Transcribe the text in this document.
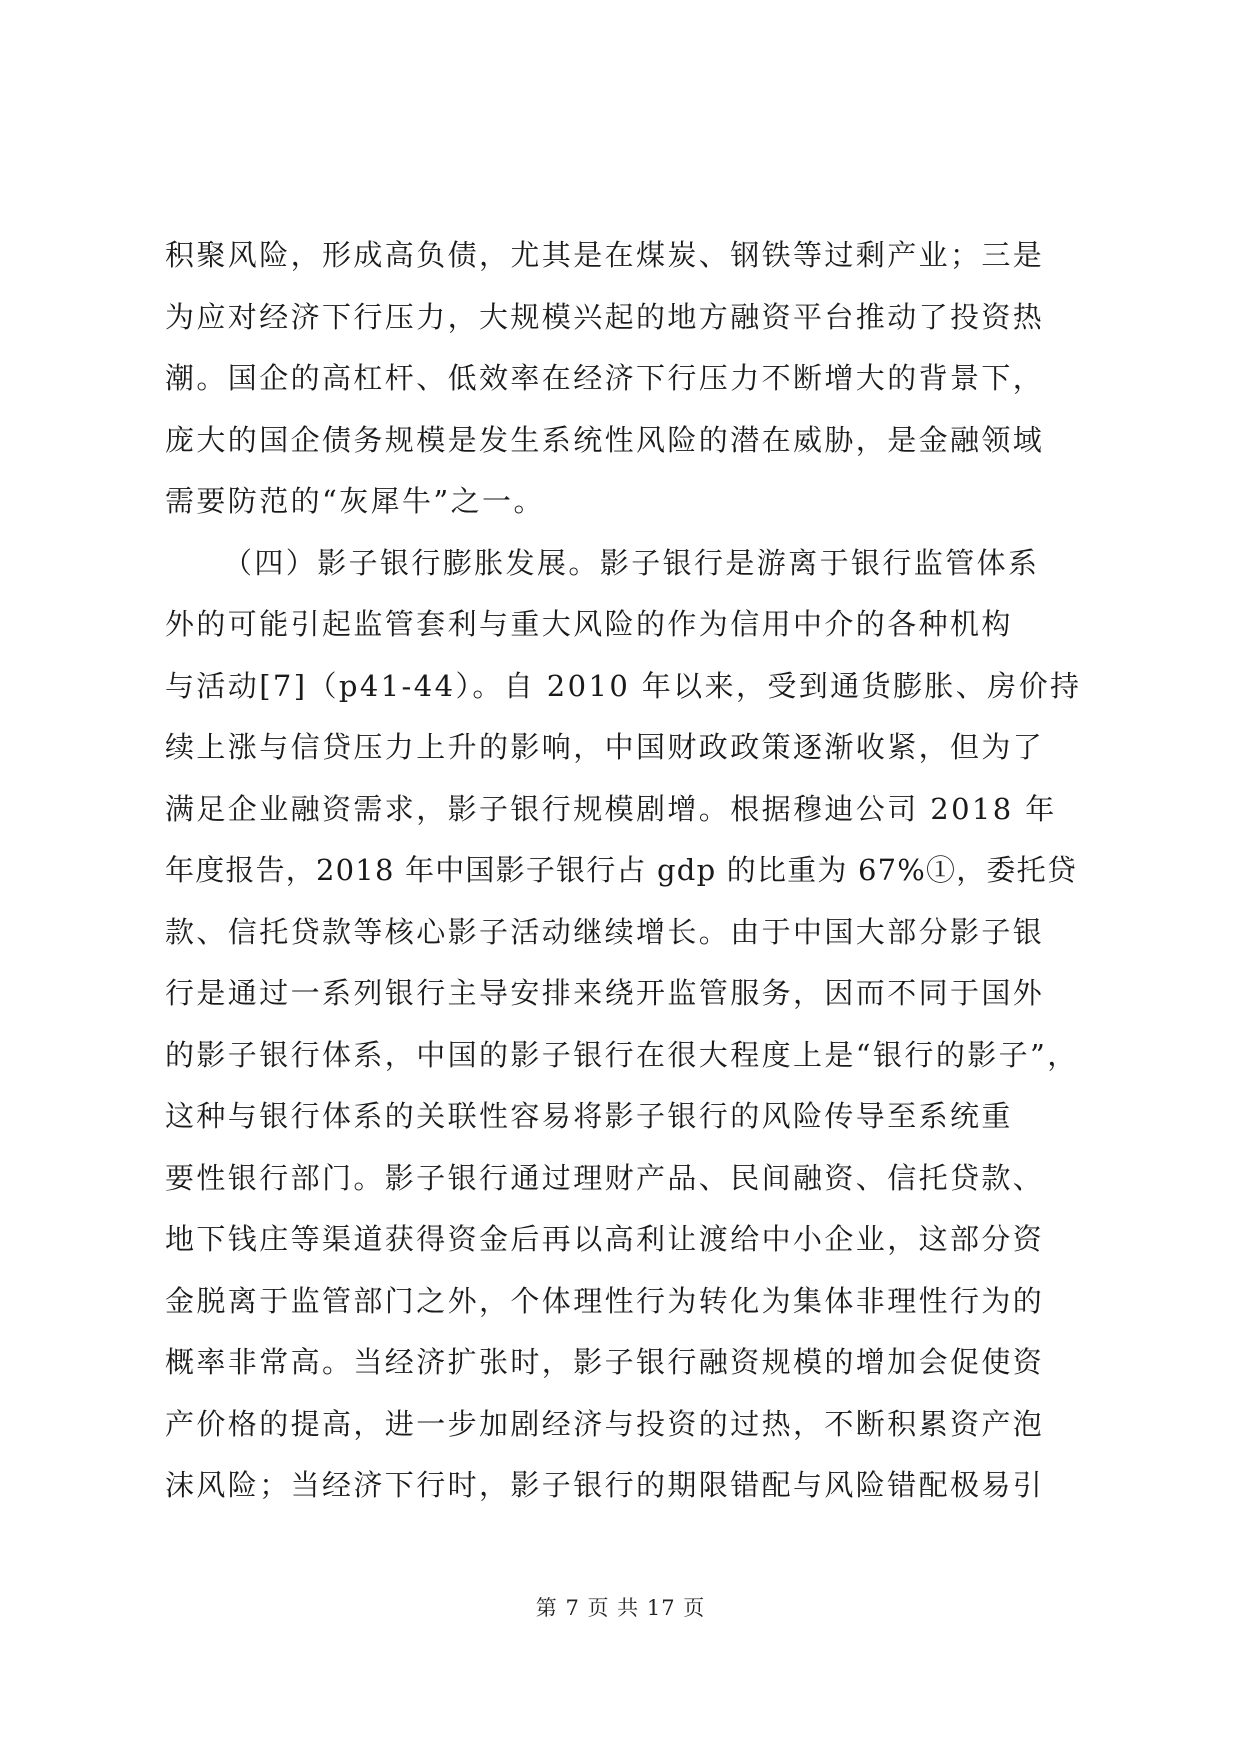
积聚风险，形成高负债，尤其是在煤炭、钢铁等过剩产业；三是
为应对经济下行压力，大规模兴起的地方融资平台推动了投资热
潮。国企的高杠杆、低效率在经济下行压力不断增大的背景下，
庞大的国企债务规模是发生系统性风险的潜在威胁，是金融领域
需要防范的“灰犀牛”之一。
（四）影子银行膨胀发展。影子银行是游离于银行监管体系
外的可能引起监管套利与重大风险的作为信用中介的各种机构
与活动[7]（p41-44）。自 2010 年以来，受到通货膨胀、房价持
续上涨与信贷压力上升的影响，中国财政政策逐渐收紧，但为了
满足企业融资需求，影子银行规模剧增。根据穆迪公司 2018 年
年度报告，2018 年中国影子银行占 gdp 的比重为 67%①，委托贷
款、信托贷款等核心影子活动继续增长。由于中国大部分影子银
行是通过一系列银行主导安排来绕开监管服务，因而不同于国外
的影子银行体系，中国的影子银行在很大程度上是“银行的影子”，
这种与银行体系的关联性容易将影子银行的风险传导至系统重
要性银行部门。影子银行通过理财产品、民间融资、信托贷款、
地下钱庄等渠道获得资金后再以高利让渡给中小企业，这部分资
金脱离于监管部门之外，个体理性行为转化为集体非理性行为的
概率非常高。当经济扩张时，影子银行融资规模的增加会促使资
产价格的提高，进一步加剧经济与投资的过热，不断积累资产泡
沫风险；当经济下行时，影子银行的期限错配与风险错配极易引
第 7 页 共 17 页
